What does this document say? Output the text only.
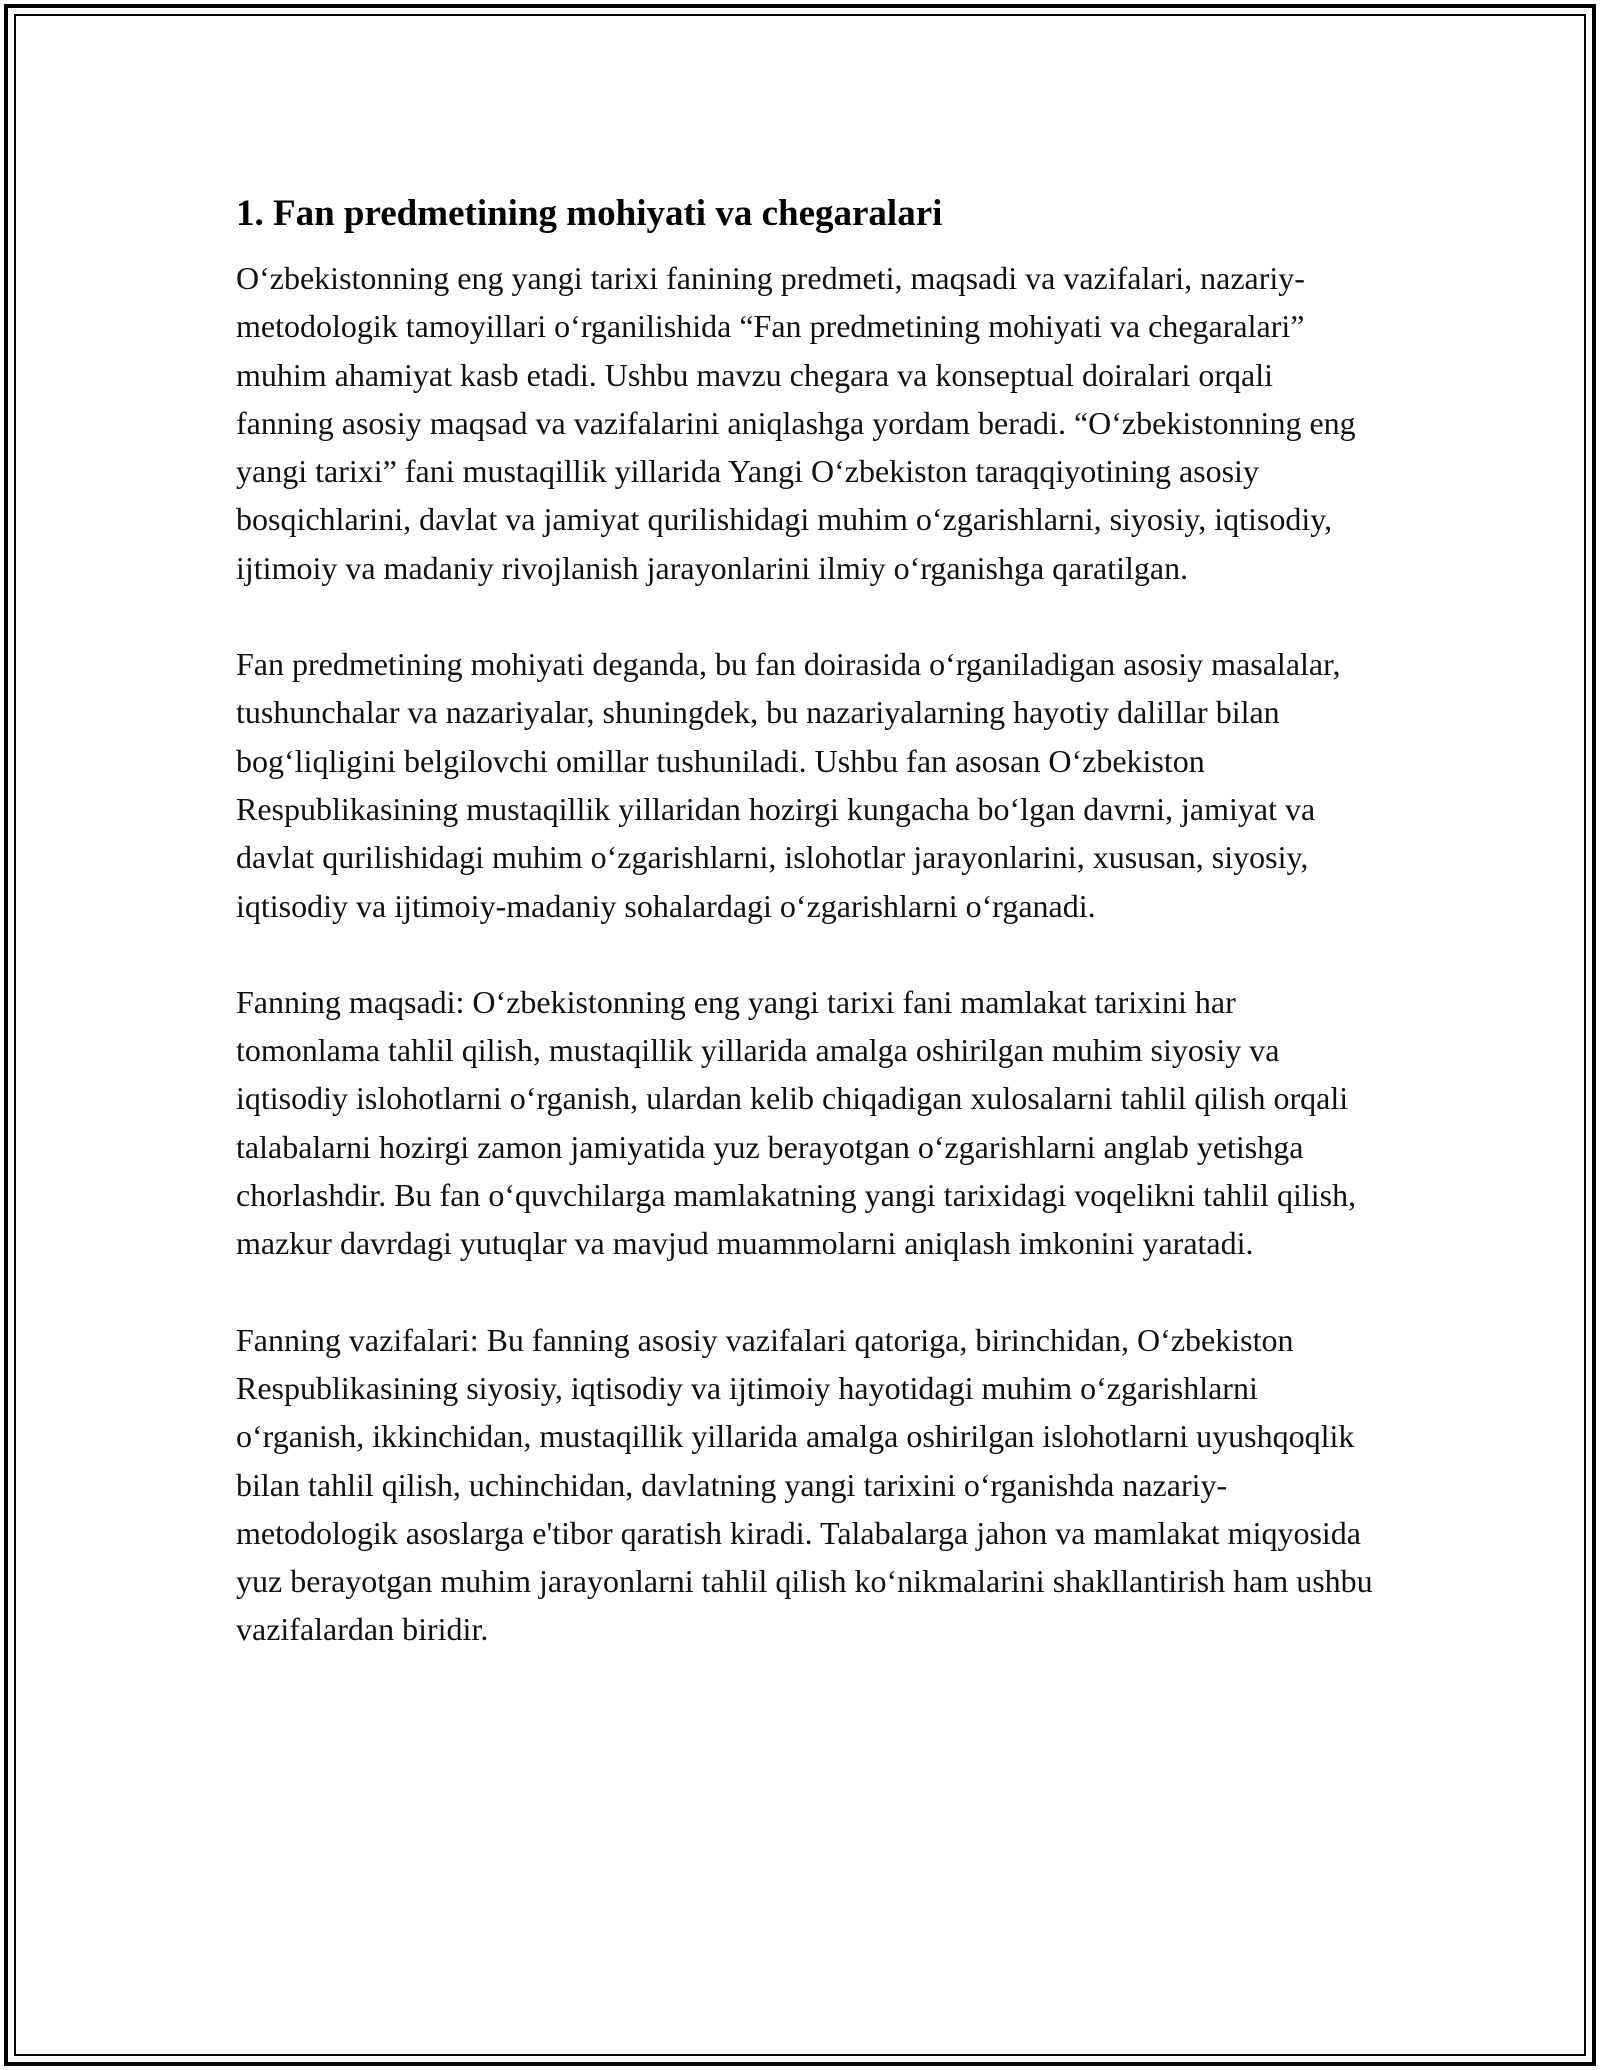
1. Fan predmetining mohiyati va chegaralari

O‘zbekistonning eng yangi tarixi fanining predmeti, maqsadi va vazifalari, nazariy-metodologik tamoyillari o‘rganilishida “Fan predmetining mohiyati va chegaralari” muhim ahamiyat kasb etadi. Ushbu mavzu chegara va konseptual doiralari orqali fanning asosiy maqsad va vazifalarini aniqlashga yordam beradi. “O‘zbekistonning eng yangi tarixi” fani mustaqillik yillarida Yangi O‘zbekiston taraqqiyotining asosiy bosqichlarini, davlat va jamiyat qurilishidagi muhim o‘zgarishlarni, siyosiy, iqtisodiy, ijtimoiy va madaniy rivojlanish jarayonlarini ilmiy o‘rganishga qaratilgan.

Fan predmetining mohiyati deganda, bu fan doirasida o‘rganiladigan asosiy masalalar, tushunchalar va nazariyalar, shuningdek, bu nazariyalarning hayotiy dalillar bilan bog‘liqligini belgilovchi omillar tushuniladi. Ushbu fan asosan O‘zbekiston Respublikasining mustaqillik yillaridan hozirgi kungacha bo‘lgan davrni, jamiyat va davlat qurilishidagi muhim o‘zgarishlarni, islohotlar jarayonlarini, xususan, siyosiy, iqtisodiy va ijtimoiy-madaniy sohalardagi o‘zgarishlarni o‘rganadi.

Fanning maqsadi: O‘zbekistonning eng yangi tarixi fani mamlakat tarixini har tomonlama tahlil qilish, mustaqillik yillarida amalga oshirilgan muhim siyosiy va iqtisodiy islohotlarni o‘rganish, ulardan kelib chiqadigan xulosalarni tahlil qilish orqali talabalarni hozirgi zamon jamiyatida yuz berayotgan o‘zgarishlarni anglab yetishga chorlashdir. Bu fan o‘quvchilarga mamlakatning yangi tarixidagi voqelikni tahlil qilish, mazkur davrdagi yutuqlar va mavjud muammolarni aniqlash imkonini yaratadi.

Fanning vazifalari: Bu fanning asosiy vazifalari qatoriga, birinchidan, O‘zbekiston Respublikasining siyosiy, iqtisodiy va ijtimoiy hayotidagi muhim o‘zgarishlarni o‘rganish, ikkinchidan, mustaqillik yillarida amalga oshirilgan islohotlarni uyushqoqlik bilan tahlil qilish, uchinchidan, davlatning yangi tarixini o‘rganishda nazariy-metodologik asoslarga e'tibor qaratish kiradi. Talabalarga jahon va mamlakat miqyosida yuz berayotgan muhim jarayonlarni tahlil qilish ko‘nikmalarini shakllantirish ham ushbu vazifalardan biridir.
